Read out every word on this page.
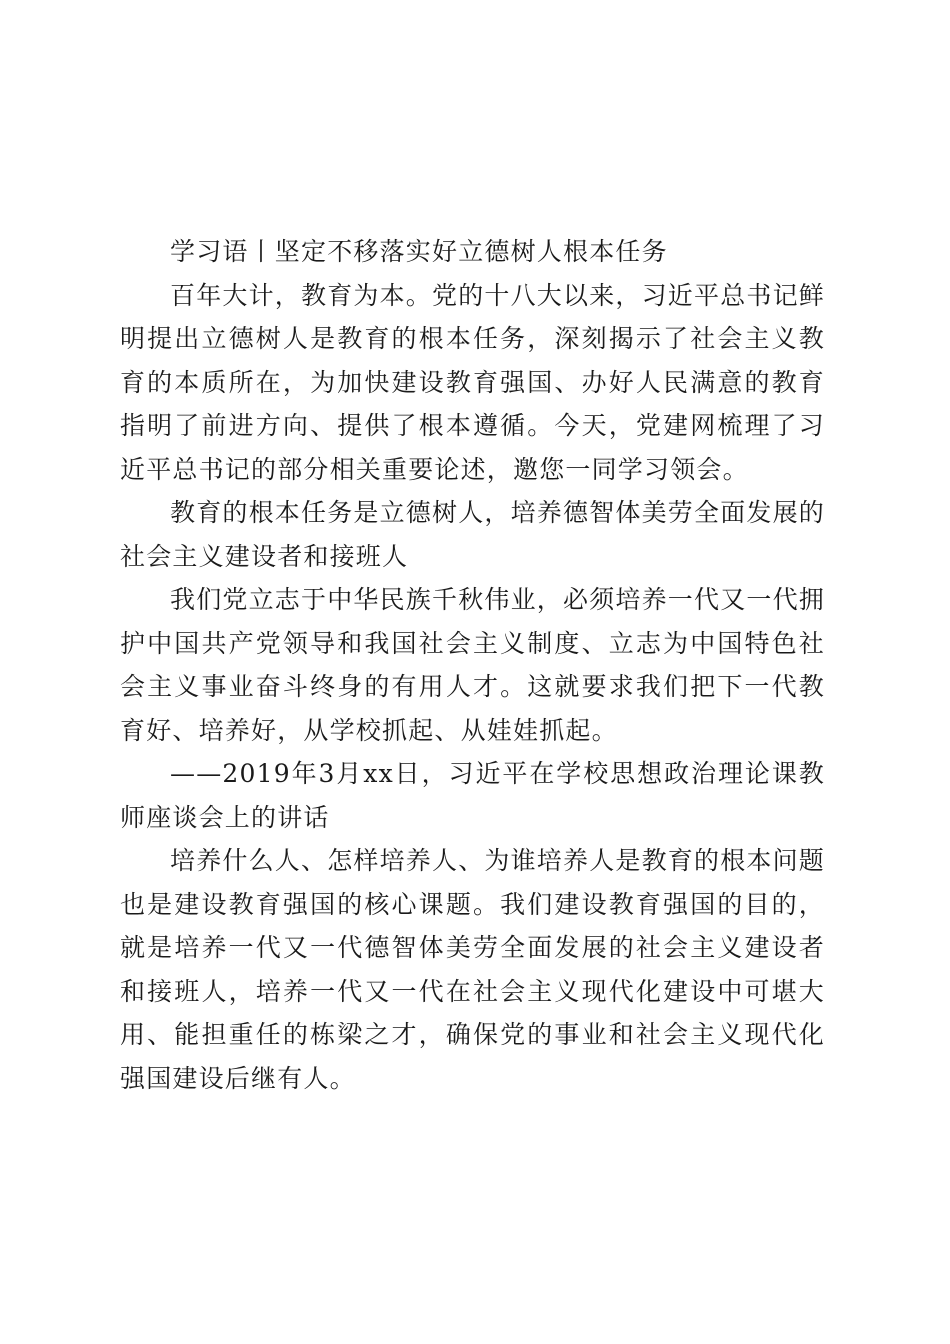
学习语丨坚定不移落实好立德树人根本任务

百年大计，教育为本。党的十八大以来，习近平总书记鲜明提出立德树人是教育的根本任务，深刻揭示了社会主义教育的本质所在，为加快建设教育强国、办好人民满意的教育指明了前进方向、提供了根本遵循。今天，党建网梳理了习近平总书记的部分相关重要论述，邀您一同学习领会。

教育的根本任务是立德树人，培养德智体美劳全面发展的社会主义建设者和接班人

我们党立志于中华民族千秋伟业，必须培养一代又一代拥护中国共产党领导和我国社会主义制度、立志为中国特色社会主义事业奋斗终身的有用人才。这就要求我们把下一代教育好、培养好，从学校抓起、从娃娃抓起。

——2019年3月xx日，习近平在学校思想政治理论课教师座谈会上的讲话

培养什么人、怎样培养人、为谁培养人是教育的根本问题也是建设教育强国的核心课题。我们建设教育强国的目的，就是培养一代又一代德智体美劳全面发展的社会主义建设者和接班人，培养一代又一代在社会主义现代化建设中可堪大用、能担重任的栋梁之才，确保党的事业和社会主义现代化强国建设后继有人。
